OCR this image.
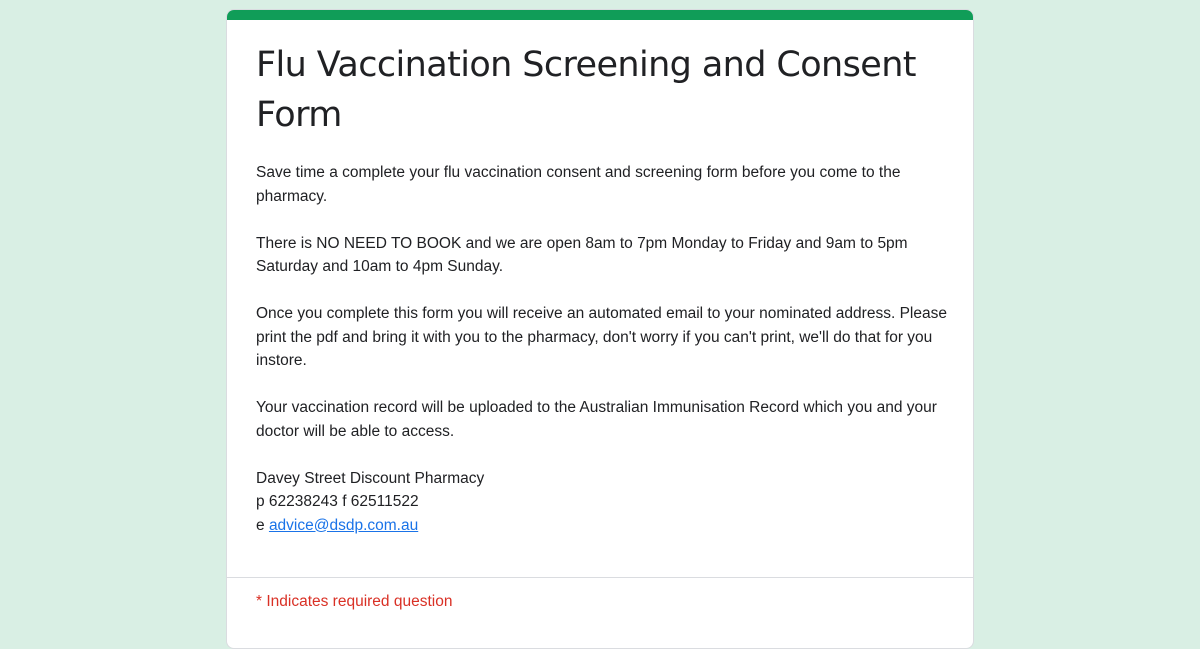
Flu Vaccination Screening and Consent Form

Save time a complete your flu vaccination consent and screening form before you come to the pharmacy.

There is NO NEED TO BOOK and we are open 8am to 7pm Monday to Friday and 9am to 5pm Saturday and 10am to 4pm Sunday.

Once you complete this form you will receive an automated email to your nominated address. Please print the pdf and bring it with you to the pharmacy, don't worry if you can't print, we'll do that for you instore.

Your vaccination record will be uploaded to the Australian Immunisation Record which you and your doctor will be able to access.

Davey Street Discount Pharmacy
p 62238243 f 62511522
e advice@dsdp.com.au

* Indicates required question
